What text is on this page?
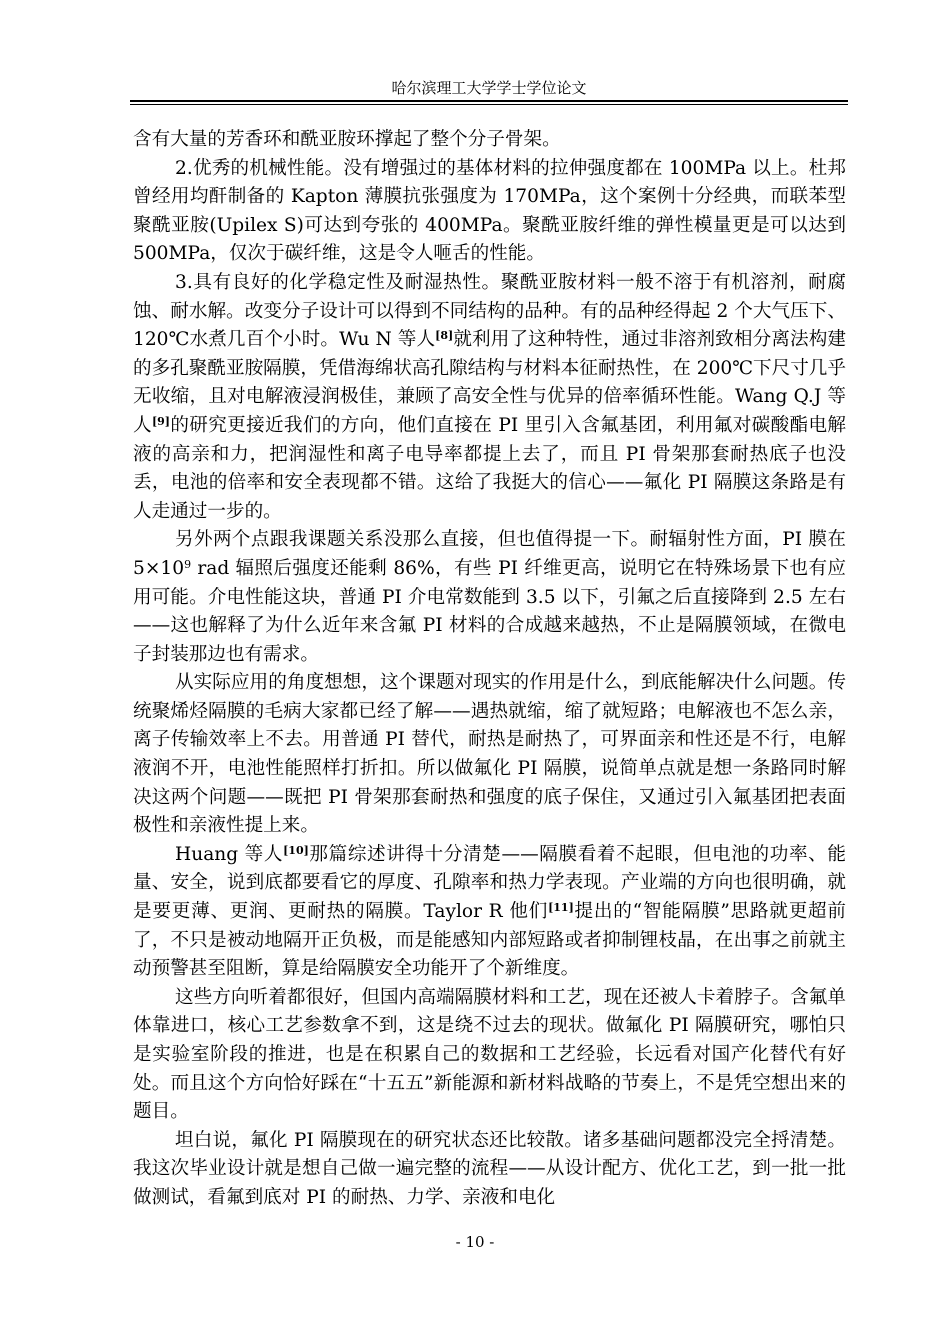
哈尔滨理工大学学士学位论文

含有大量的芳香环和酰亚胺环撑起了整个分子骨架。

2.优秀的机械性能。没有增强过的基体材料的拉伸强度都在 100MPa 以上。杜邦曾经用均酐制备的 Kapton 薄膜抗张强度为 170MPa，这个案例十分经典，而联苯型聚酰亚胺(Upilex S)可达到夸张的 400MPa。聚酰亚胺纤维的弹性模量更是可以达到 500MPa，仅次于碳纤维，这是令人咂舌的性能。

3.具有良好的化学稳定性及耐湿热性。聚酰亚胺材料一般不溶于有机溶剂，耐腐蚀、耐水解。改变分子设计可以得到不同结构的品种。有的品种经得起 2 个大气压下、120℃水煮几百个小时。Wu N 等人[8]就利用了这种特性，通过非溶剂致相分离法构建的多孔聚酰亚胺隔膜，凭借海绵状高孔隙结构与材料本征耐热性，在 200℃下尺寸几乎无收缩，且对电解液浸润极佳，兼顾了高安全性与优异的倍率循环性能。Wang Q.J 等人[9]的研究更接近我们的方向，他们直接在 PI 里引入含氟基团，利用氟对碳酸酯电解液的高亲和力，把润湿性和离子电导率都提上去了，而且 PI 骨架那套耐热底子也没丢，电池的倍率和安全表现都不错。这给了我挺大的信心——氟化 PI 隔膜这条路是有人走通过一步的。

另外两个点跟我课题关系没那么直接，但也值得提一下。耐辐射性方面，PI 膜在 $5\times 10^9$ rad 辐照后强度还能剩 86%，有些 PI 纤维更高，说明它在特殊场景下也有应用可能。介电性能这块，普通 PI 介电常数能到 3.5 以下，引氟之后直接降到 2.5 左右——这也解释了为什么近年来含氟 PI 材料的合成越来越热，不止是隔膜领域，在微电子封装那边也有需求。

从实际应用的角度想想，这个课题对现实的作用是什么，到底能解决什么问题。传统聚烯烃隔膜的毛病大家都已经了解——遇热就缩，缩了就短路；电解液也不怎么亲，离子传输效率上不去。用普通 PI 替代，耐热是耐热了，可界面亲和性还是不行，电解液润不开，电池性能照样打折扣。所以做氟化 PI 隔膜，说简单点就是想一条路同时解决这两个问题——既把 PI 骨架那套耐热和强度的底子保住，又通过引入氟基团把表面极性和亲液性提上来。

Huang 等人[10]那篇综述讲得十分清楚——隔膜看着不起眼，但电池的功率、能量、安全，说到底都要看它的厚度、孔隙率和热力学表现。产业端的方向也很明确，就是要更薄、更润、更耐热的隔膜。Taylor R 他们[11]提出的“智能隔膜”思路就更超前了，不只是被动地隔开正负极，而是能感知内部短路或者抑制锂枝晶，在出事之前就主动预警甚至阻断，算是给隔膜安全功能开了个新维度。

这些方向听着都很好，但国内高端隔膜材料和工艺，现在还被人卡着脖子。含氟单体靠进口，核心工艺参数拿不到，这是绕不过去的现状。做氟化 PI 隔膜研究，哪怕只是实验室阶段的推进，也是在积累自己的数据和工艺经验，长远看对国产化替代有好处。而且这个方向恰好踩在“十五五”新能源和新材料战略的节奏上，不是凭空想出来的题目。

坦白说，氟化 PI 隔膜现在的研究状态还比较散。诸多基础问题都没完全捋清楚。我这次毕业设计就是想自己做一遍完整的流程——从设计配方、优化工艺，到一批一批做测试，看氟到底对 PI 的耐热、力学、亲液和电化

- 10 -
